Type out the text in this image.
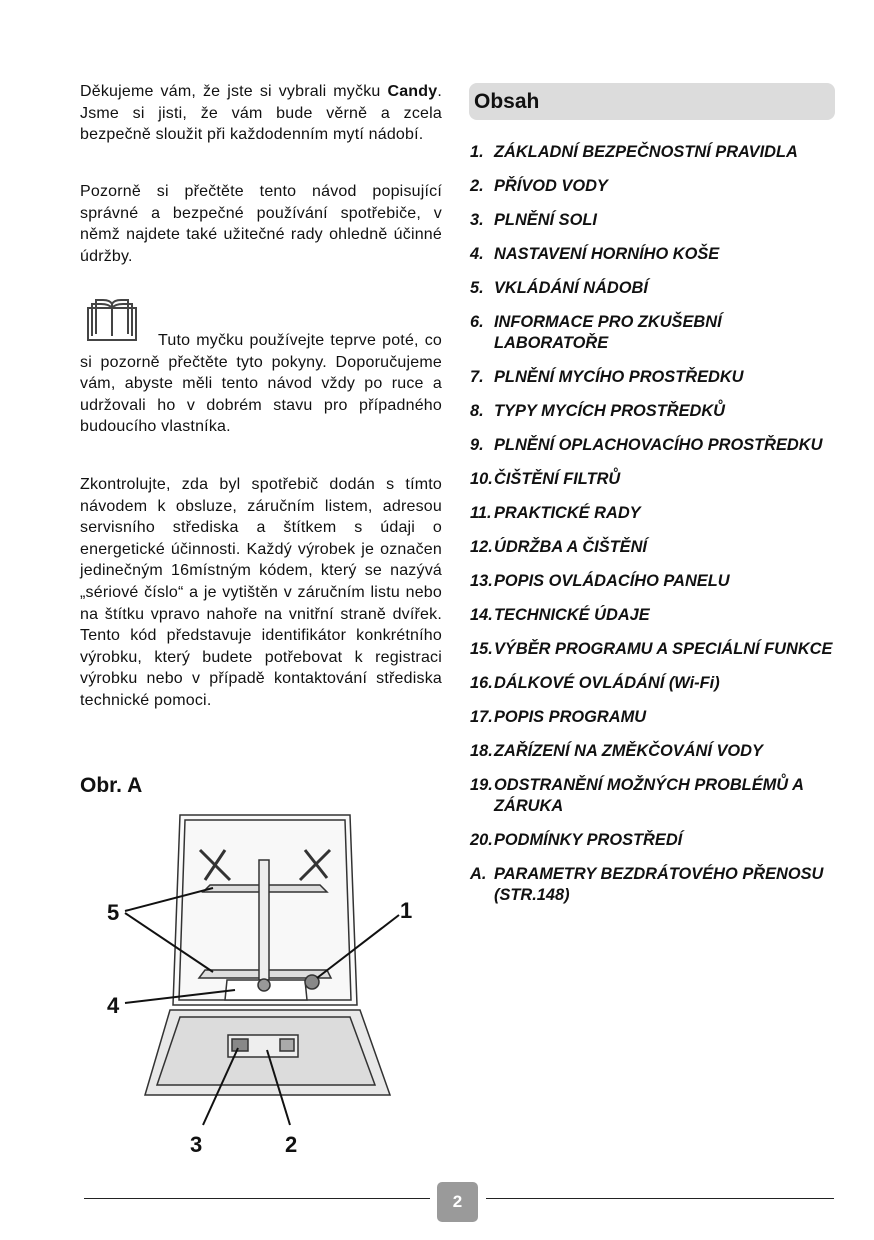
Děkujeme vám, že jste si vybrali myčku Candy. Jsme si jisti, že vám bude věrně a zcela bezpečně sloužit při každodenním mytí nádobí.
Pozorně si přečtěte tento návod popisující správné a bezpečné používání spotřebiče, v němž najdete také užitečné rady ohledně účinné údržby.
Tuto myčku používejte teprve poté, co si pozorně přečtěte tyto pokyny. Doporučujeme vám, abyste měli tento návod vždy po ruce a udržovali ho v dobrém stavu pro případného budoucího vlastníka.
Zkontrolujte, zda byl spotřebič dodán s tímto návodem k obsluze, záručním listem, adresou servisního střediska a štítkem s údaji o energetické účinnosti. Každý výrobek je označen jedinečným 16místným kódem, který se nazývá „sériové číslo“ a je vytištěn v záručním listu nebo na štítku vpravo nahoře na vnitřní straně dvířek. Tento kód představuje identifikátor konkrétního výrobku, který budete potřebovat k registraci výrobku nebo v případě kontaktování střediska technické pomoci.
Obr. A
1
2
3
4
5
Obsah
1. ZÁKLADNÍ BEZPEČNOSTNÍ PRAVIDLA
2. PŘÍVOD VODY
3. PLNĚNÍ SOLI
4. NASTAVENÍ HORNÍHO KOŠE
5. VKLÁDÁNÍ NÁDOBÍ
6. INFORMACE PRO ZKUŠEBNÍ LABORATOŘE
7. PLNĚNÍ MYCÍHO PROSTŘEDKU
8. TYPY MYCÍCH PROSTŘEDKŮ
9. PLNĚNÍ OPLACHOVACÍHO PROSTŘEDKU
10. ČIŠTĚNÍ FILTRŮ
11. PRAKTICKÉ RADY
12. ÚDRŽBA A ČIŠTĚNÍ
13. POPIS OVLÁDACÍHO PANELU
14. TECHNICKÉ ÚDAJE
15. VÝBĚR PROGRAMU A SPECIÁLNÍ FUNKCE
16. DÁLKOVÉ OVLÁDÁNÍ (Wi-Fi)
17. POPIS PROGRAMU
18. ZAŘÍZENÍ NA ZMĚKČOVÁNÍ VODY
19. ODSTRANĚNÍ MOŽNÝCH PROBLÉMŮ A ZÁRUKA
20. PODMÍNKY PROSTŘEDÍ
A. PARAMETRY BEZDRÁTOVÉHO PŘENOSU (STR.148)
2
